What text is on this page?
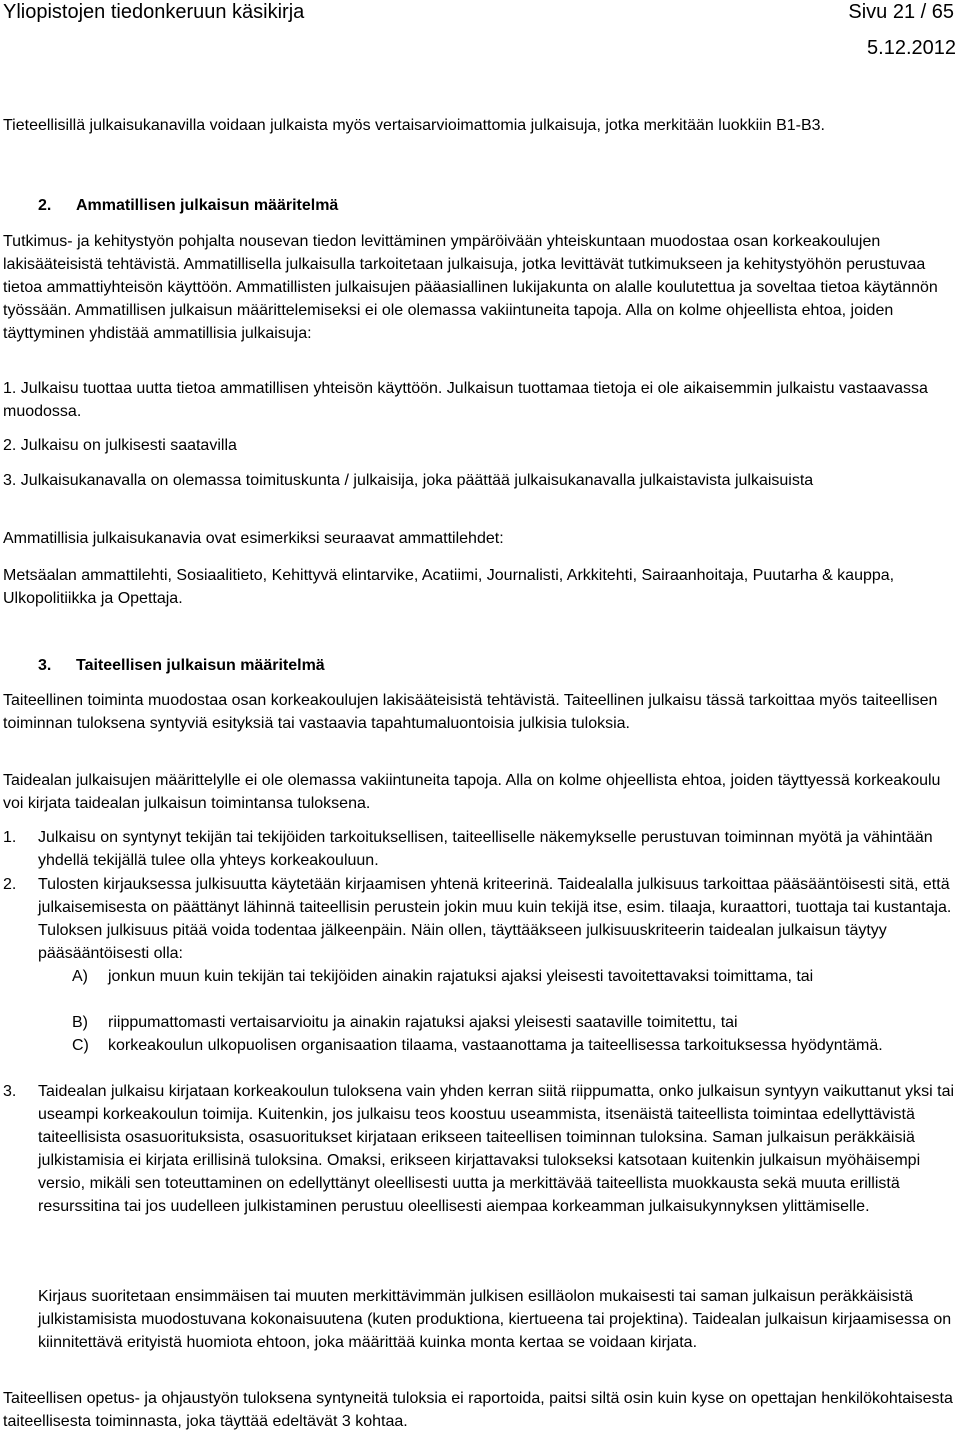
Yliopistojen tiedonkeruun käsikirja	Sivu 21 / 65
5.12.2012

Tieteellisillä julkaisukanavilla voidaan julkaista myös vertaisarvioimattomia julkaisuja, jotka merkitään luokkiin B1-B3.

2. Ammatillisen julkaisun määritelmä

Tutkimus- ja kehitystyön pohjalta nousevan tiedon levittäminen ympäröivään yhteiskuntaan muodostaa osan korkeakoulujen lakisääteisistä tehtävistä. Ammatillisella julkaisulla tarkoitetaan julkaisuja, jotka levittävät tutkimukseen ja kehitystyöhön perustuvaa tietoa ammattiyhteisön käyttöön. Ammatillisten julkaisujen pääasiallinen lukijakunta on alalle koulutettua ja soveltaa tietoa käytännön työssään. Ammatillisen julkaisun määrittelemiseksi ei ole olemassa vakiintuneita tapoja. Alla on kolme ohjeellista ehtoa, joiden täyttyminen yhdistää ammatillisia julkaisuja:

1. Julkaisu tuottaa uutta tietoa ammatillisen yhteisön käyttöön. Julkaisun tuottamaa tietoja ei ole aikaisemmin julkaistu vastaavassa muodossa.

2. Julkaisu on julkisesti saatavilla

3. Julkaisukanavalla on olemassa toimituskunta / julkaisija, joka päättää julkaisukanavalla julkaistavista julkaisuista

Ammatillisia julkaisukanavia ovat esimerkiksi seuraavat ammattilehdet:

Metsäalan ammattilehti, Sosiaalitieto, Kehittyvä elintarvike, Acatiimi, Journalisti, Arkkitehti, Sairaanhoitaja, Puutarha & kauppa, Ulkopolitiikka ja Opettaja.

3. Taiteellisen julkaisun määritelmä

Taiteellinen toiminta muodostaa osan korkeakoulujen lakisääteisistä tehtävistä. Taiteellinen julkaisu tässä tarkoittaa myös taiteellisen toiminnan tuloksena syntyviä esityksiä tai vastaavia tapahtumaluontoisia julkisia tuloksia.

Taidealan julkaisujen määrittelylle ei ole olemassa vakiintuneita tapoja. Alla on kolme ohjeellista ehtoa, joiden täyttyessä korkeakoulu voi kirjata taidealan julkaisun toimintansa tuloksena.

1. Julkaisu on syntynyt tekijän tai tekijöiden tarkoituksellisen, taiteelliselle näkemykselle perustuvan toiminnan myötä ja vähintään yhdellä tekijällä tulee olla yhteys korkeakouluun.

2. Tulosten kirjauksessa julkisuutta käytetään kirjaamisen yhtenä kriteerinä. Taidealalla julkisuus tarkoittaa pääsääntöisesti sitä, että julkaisemisesta on päättänyt lähinnä taiteellisin perustein jokin muu kuin tekijä itse, esim. tilaaja, kuraattori, tuottaja tai kustantaja. Tuloksen julkisuus pitää voida todentaa jälkeenpäin. Näin ollen, täyttääkseen julkisuuskriteerin taidealan julkaisun täytyy pääsääntöisesti olla:

A) jonkun muun kuin tekijän tai tekijöiden ainakin rajatuksi ajaksi yleisesti tavoitettavaksi toimittama, tai

B) riippumattomasti vertaisarvioitu ja ainakin rajatuksi ajaksi yleisesti saataville toimitettu, tai

C) korkeakoulun ulkopuolisen organisaation tilaama, vastaanottama ja taiteellisessa tarkoituksessa hyödyntämä.

3. Taidealan julkaisu kirjataan korkeakoulun tuloksena vain yhden kerran siitä riippumatta, onko julkaisun syntyyn vaikuttanut yksi tai useampi korkeakoulun toimija. Kuitenkin, jos julkaisu teos koostuu useammista, itsenäistä taiteellista toimintaa edellyttävistä taiteellisista osasuorituksista, osasuoritukset kirjataan erikseen taiteellisen toiminnan tuloksina. Saman julkaisun peräkkäisiä julkistamisia ei kirjata erillisinä tuloksina. Omaksi, erikseen kirjattavaksi tulokseksi katsotaan kuitenkin julkaisun myöhäisempi versio, mikäli sen toteuttaminen on edellyttänyt oleellisesti uutta ja merkittävää taiteellista muokkausta sekä muuta erillistä resurssitina tai jos uudelleen julkistaminen perustuu oleellisesti aiempaa korkeamman julkaisukynnyksen ylittämiselle.

Kirjaus suoritetaan ensimmäisen tai muuten merkittävimmän julkisen esilläolon mukaisesti tai saman julkaisun peräkkäisistä julkistamisista muodostuvana kokonaisuutena (kuten produktiona, kiertueena tai projektina). Taidealan julkaisun kirjaamisessa on kiinnitettävä erityistä huomiota ehtoon, joka määrittää kuinka monta kertaa se voidaan kirjata.

Taiteellisen opetus- ja ohjaustyön tuloksena syntyneitä tuloksia ei raportoida, paitsi siltä osin kuin kyse on opettajan henkilökohtaisesta taiteellisesta toiminnasta, joka täyttää edeltävät 3 kohtaa.
